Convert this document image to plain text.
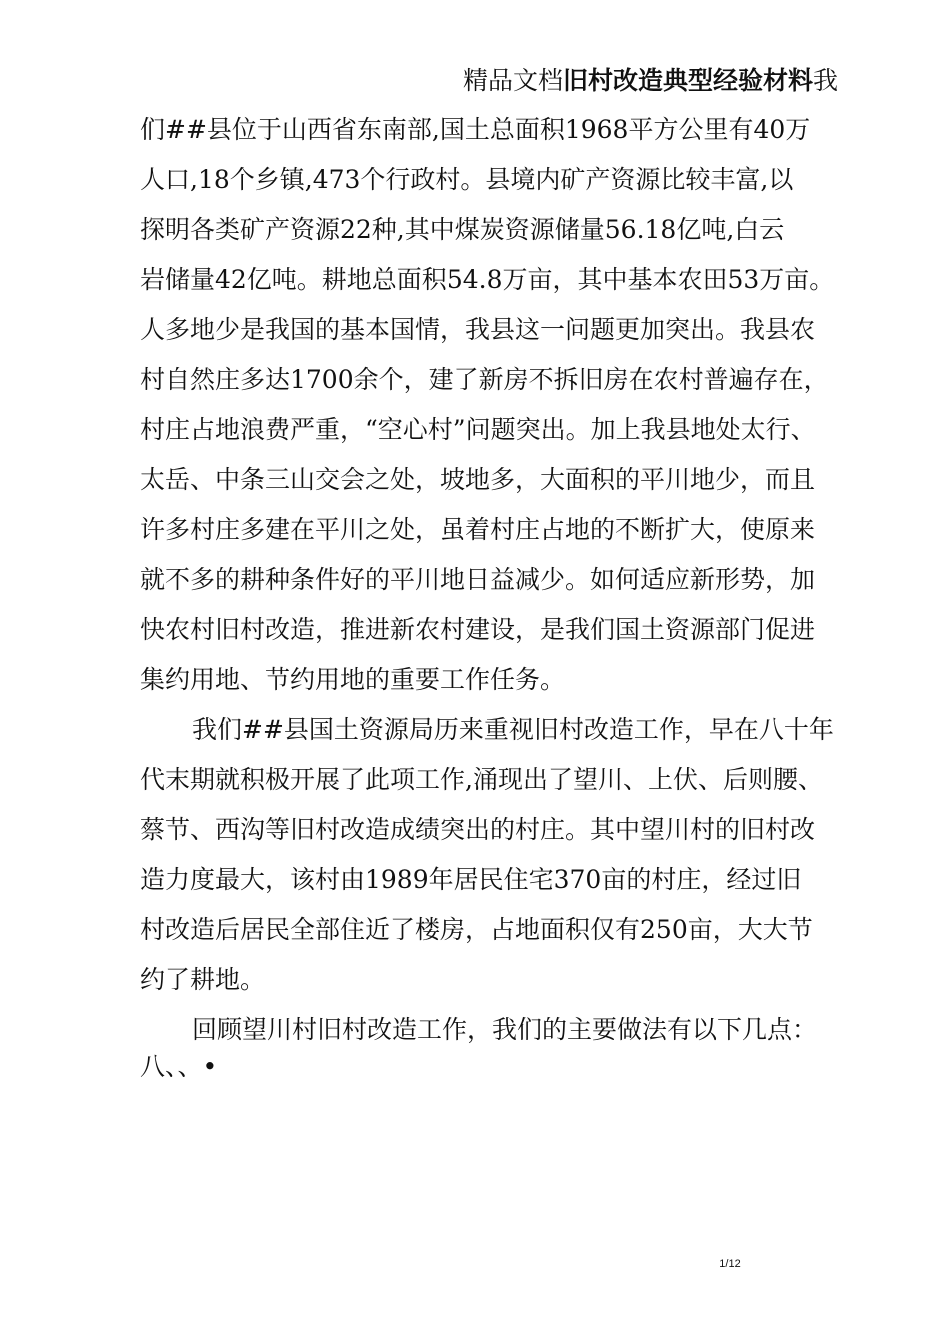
精品文档旧村改造典型经验材料我
们##县位于山西省东南部,国土总面积1968平方公里有40万
人口,18个乡镇,473个行政村。县境内矿产资源比较丰富,以
探明各类矿产资源22种,其中煤炭资源储量56.18亿吨,白云
岩储量42亿吨。耕地总面积54.8万亩，其中基本农田53万亩。
人多地少是我国的基本国情，我县这一问题更加突出。我县农
村自然庄多达1700余个，建了新房不拆旧房在农村普遍存在，
村庄占地浪费严重，“空心村”问题突出。加上我县地处太行、
太岳、中条三山交会之处，坡地多，大面积的平川地少，而且
许多村庄多建在平川之处，虽着村庄占地的不断扩大，使原来
就不多的耕种条件好的平川地日益减少。如何适应新形势，加
快农村旧村改造，推进新农村建设，是我们国土资源部门促进
集约用地、节约用地的重要工作任务。
我们##县国土资源局历来重视旧村改造工作，早在八十年
代末期就积极开展了此项工作,涌现出了望川、上伏、后则腰、
蔡节、西沟等旧村改造成绩突出的村庄。其中望川村的旧村改
造力度最大，该村由1989年居民住宅370亩的村庄，经过旧
村改造后居民全部住近了楼房，占地面积仅有250亩，大大节
约了耕地。
回顾望川村旧村改造工作，我们的主要做法有以下几点：
八、、•
1/12
